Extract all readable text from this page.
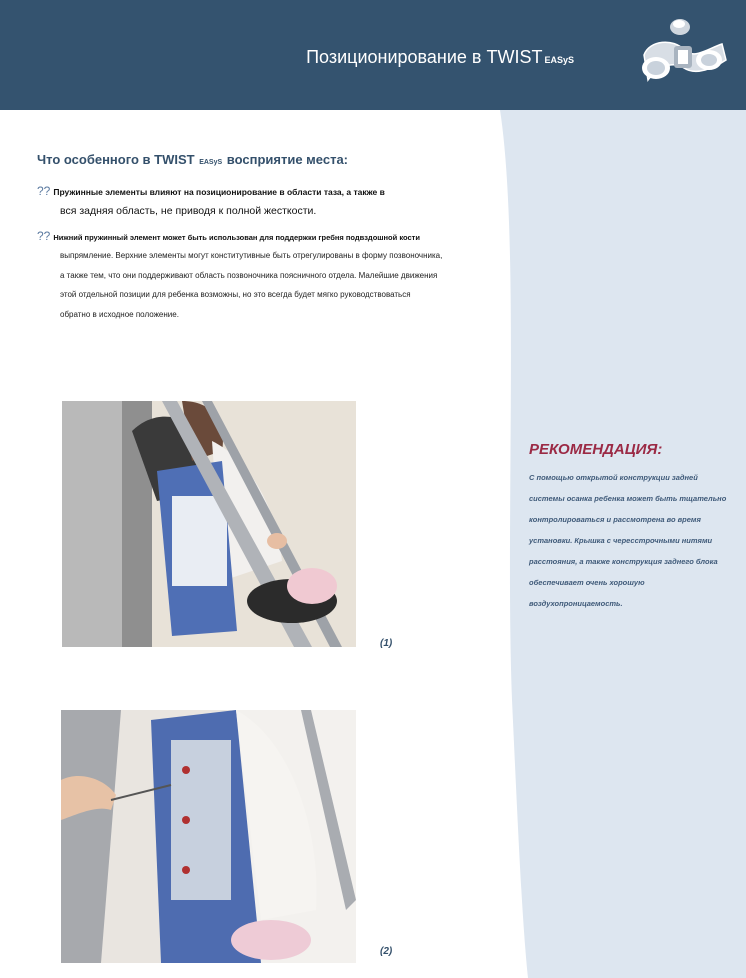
Позиционирование в TWIST EASyS
Что особенного в TWIST EASyS восприятие места:
?? Пружинные элементы влияют на позиционирование в области таза, а также в
вся задняя область, не приводя к полной жесткости.
?? Нижний пружинный элемент может быть использован для поддержки гребня подвздошной кости
выпрямление. Верхние элементы могут конститутивные быть отрегулированы в форму позвоночника,
а также тем, что они поддерживают область позвоночника поясничного отдела. Малейшие движения
этой отдельной позиции для ребенка возможны, но это всегда будет мягко руководствоваться
обратно в исходное положение.
(1)
(2)
РЕКОМЕНДАЦИЯ:
С помощью открытой конструкции задней
системы осанка ребенка может быть тщательно
контролироваться и рассмотрена во время
установки. Крышка с чересстрочными нитями
расстояния, а также конструкция заднего блока
обеспечивает очень хорошую
воздухопроницаемость.
